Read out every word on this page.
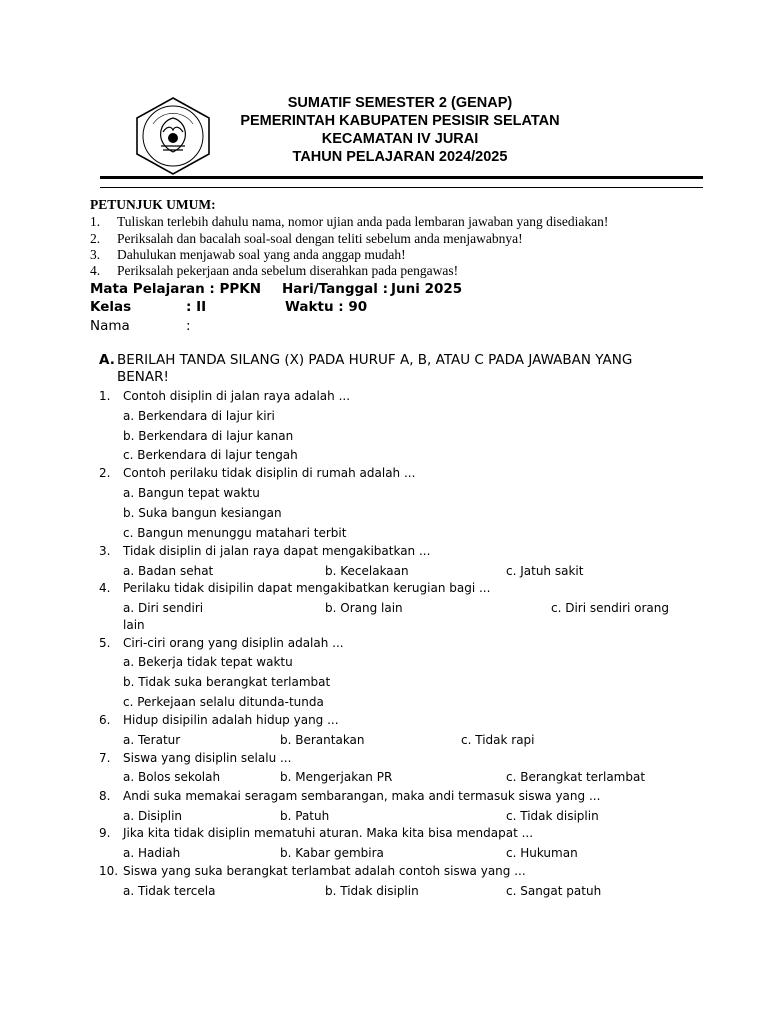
SUMATIF SEMESTER 2 (GENAP)
PEMERINTAH KABUPATEN PESISIR SELATAN
KECAMATAN IV JURAI
TAHUN PELAJARAN 2024/2025
PETUNJUK UMUM:
1. Tuliskan terlebih dahulu nama, nomor ujian anda pada lembaran jawaban yang disediakan!
2. Periksalah dan bacalah soal-soal dengan teliti sebelum anda menjawabnya!
3. Dahulukan menjawab soal yang anda anggap mudah!
4. Periksalah pekerjaan anda sebelum diserahkan pada pengawas!
Mata Pelajaran : PPKN Hari/Tanggal : Juni 2025
Kelas	: II	Waktu : 90
Nama	:
A. BERILAH TANDA SILANG (X) PADA HURUF A, B, ATAU C PADA JAWABAN YANG
BENAR!
1. Contoh disiplin di jalan raya adalah ...
a. Berkendara di lajur kiri
b. Berkendara di lajur kanan
c. Berkendara di lajur tengah
2. Contoh perilaku tidak disiplin di rumah adalah ...
a. Bangun tepat waktu
b. Suka bangun kesiangan
c. Bangun menunggu matahari terbit
3. Tidak disiplin di jalan raya dapat mengakibatkan ...
a. Badan sehat	b. Kecelakaan	c. Jatuh sakit
4. Perilaku tidak disipilin dapat mengakibatkan kerugian bagi ...
a. Diri sendiri	b. Orang lain	c. Diri sendiri orang
lain
5. Ciri-ciri orang yang disiplin adalah ...
a. Bekerja tidak tepat waktu
b. Tidak suka berangkat terlambat
c. Perkejaan selalu ditunda-tunda
6. Hidup disipilin adalah hidup yang ...
a. Teratur	b. Berantakan	c. Tidak rapi
7. Siswa yang disiplin selalu ...
a. Bolos sekolah	b. Mengerjakan PR	c. Berangkat terlambat
8. Andi suka memakai seragam sembarangan, maka andi termasuk siswa yang ...
a. Disiplin	b. Patuh	c. Tidak disiplin
9. Jika kita tidak disiplin mematuhi aturan. Maka kita bisa mendapat ...
a. Hadiah	b. Kabar gembira	c. Hukuman
10. Siswa yang suka berangkat terlambat adalah contoh siswa yang ...
a. Tidak tercela	b. Tidak disiplin	c. Sangat patuh
